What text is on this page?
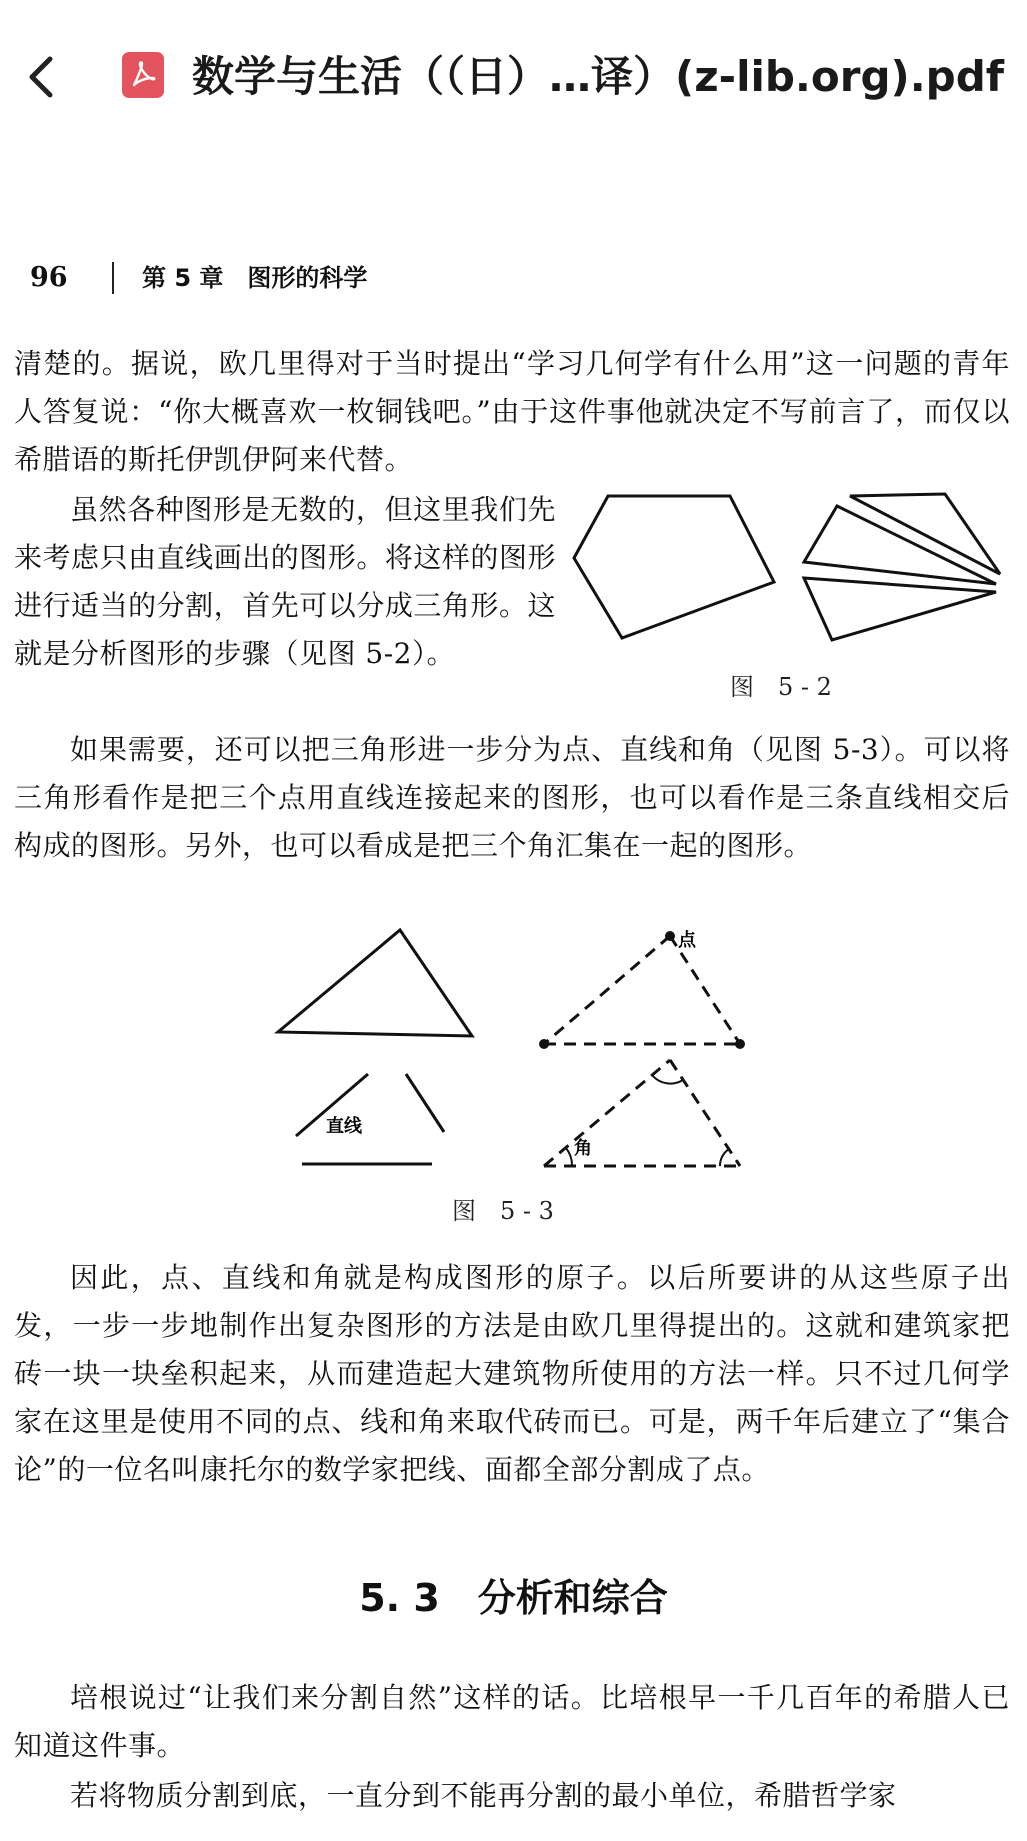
数学与生活（（日）…译）(z-lib.org).pdf
96	第 5 章　图形的科学
清楚的。据说，欧几里得对于当时提出“学习几何学有什么用”这一问题的青年人答复说：“你大概喜欢一枚铜钱吧。”由于这件事他就决定不写前言了，而仅以希腊语的斯托伊凯伊阿来代替。
虽然各种图形是无数的，但这里我们先来考虑只由直线画出的图形。将这样的图形进行适当的分割，首先可以分成三角形。这就是分析图形的步骤（见图 5-2）。
图　5 - 2
如果需要，还可以把三角形进一步分为点、直线和角（见图 5-3）。可以将三角形看作是把三个点用直线连接起来的图形，也可以看作是三条直线相交后构成的图形。另外，也可以看成是把三个角汇集在一起的图形。
点
直线
角
图　5 - 3
因此，点、直线和角就是构成图形的原子。以后所要讲的从这些原子出发，一步一步地制作出复杂图形的方法是由欧几里得提出的。这就和建筑家把砖一块一块垒积起来，从而建造起大建筑物所使用的方法一样。只不过几何学家在这里是使用不同的点、线和角来取代砖而已。可是，两千年后建立了“集合论”的一位名叫康托尔的数学家把线、面都全部分割成了点。
5. 3　分析和综合
培根说过“让我们来分割自然”这样的话。比培根早一千几百年的希腊人已知道这件事。
若将物质分割到底，一直分到不能再分割的最小单位，希腊哲学家
